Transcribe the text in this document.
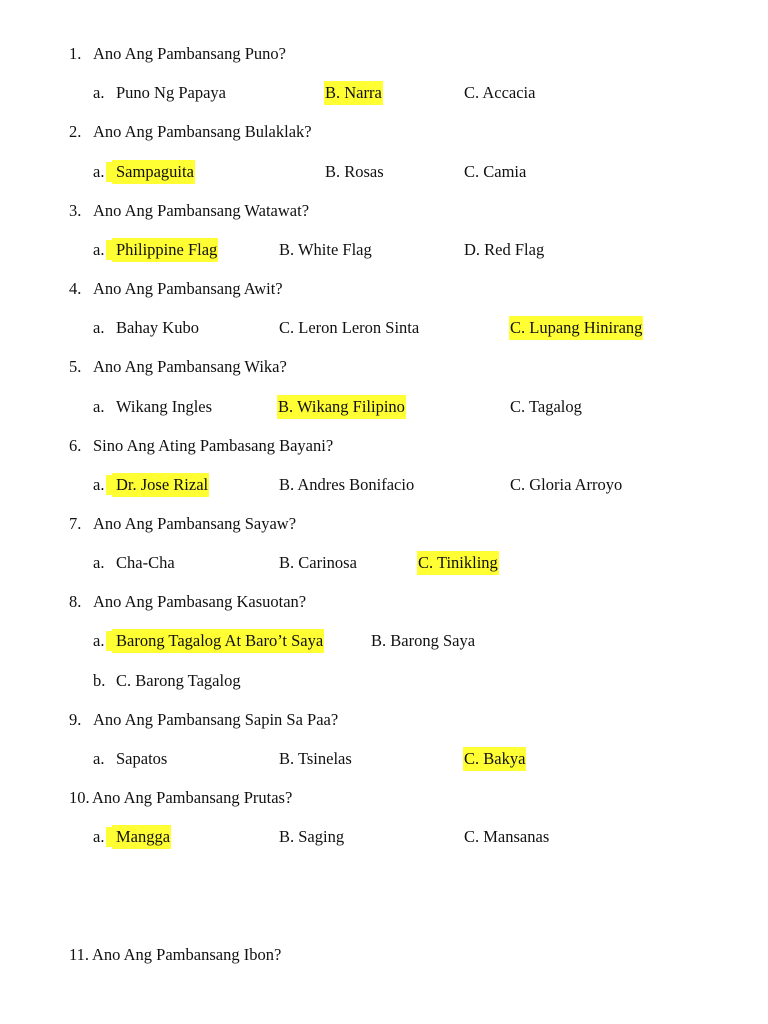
1. Ano Ang Pambansang Puno?
a. Puno Ng Papaya	B. Narra	C. Accacia
2. Ano Ang Pambansang Bulaklak?
a. Sampaguita	B. Rosas	C. Camia
3. Ano Ang Pambansang Watawat?
a. Philippine Flag	B. White Flag	D. Red Flag
4. Ano Ang Pambansang Awit?
a. Bahay Kubo	C. Leron Leron Sinta	C. Lupang Hinirang
5. Ano Ang Pambansang Wika?
a. Wikang Ingles	B. Wikang Filipino	C. Tagalog
6. Sino Ang Ating Pambasang Bayani?
a. Dr. Jose Rizal	B. Andres Bonifacio	C. Gloria Arroyo
7. Ano Ang Pambansang Sayaw?
a. Cha-Cha	B. Carinosa	C. Tinikling
8. Ano Ang Pambasang Kasuotan?
a. Barong Tagalog At Baro’t Saya	B. Barong Saya
b. C. Barong Tagalog
9. Ano Ang Pambansang Sapin Sa Paa?
a. Sapatos	B. Tsinelas	C. Bakya
10. Ano Ang Pambansang Prutas?
a. Mangga	B. Saging	C. Mansanas
11. Ano Ang Pambansang Ibon?
